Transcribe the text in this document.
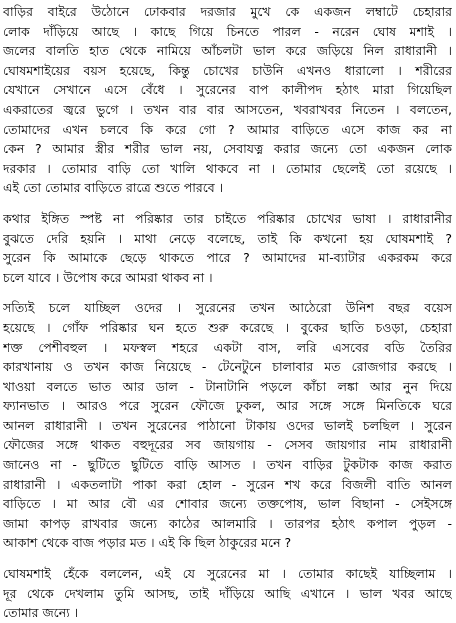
বাড়ির বাইরে উঠোনে ঢোকবার দরজার মুখে কে একজন লম্বাটে চেহারার
লোক দাঁড়িয়ে আছে । কাছে গিয়ে চিনতে পারল - নরেন ঘোষ মশাই ।
জলের বালতি হাত থেকে নামিয়ে আঁচলটা ভাল করে জড়িয়ে নিল রাধারানী ।
ঘোষমশাইয়ের বয়স হয়েছে, কিন্তু চোখের চাউনি এখনও ধারালো । শরীরের
যেখানে সেখানে এসে বেঁধে । সুরেনের বাপ কালীপদ হঠাৎ মারা গিয়েছিল
একরাতের জ্বরে ভুগে । তখন বার বার আসতেন, খবরাখবর নিতেন । বলতেন,
তোমাদের এখন চলবে কি করে গো ? আমার বাড়িতে এসে কাজ কর না
কেন ? আমার স্ত্রীর শরীর ভাল নয়, সেবাযত্ন করার জন্যে তো একজন লোক
দরকার । তোমার বাড়ি তো খালি থাকবে না । তোমার ছেলেই তো রয়েছে ।
এই তো তোমার বাড়িতে রাত্রে শুতে পারবে ।
কথার ইঙ্গিত স্পষ্ট না পরিষ্কার তার চাইতে পরিষ্কার চোখের ভাষা । রাধারানীর
বুঝতে দেরি হয়নি । মাথা নেড়ে বলেছে, তাই কি কখনো হয় ঘোষমশাই ?
সুরেন কি আমাকে ছেড়ে থাকতে পারে ? আমাদের মা-ব্যাটার একরকম করে
চলে যাবে । উপোষ করে আমরা থাকব না ।
সত্যিই চলে যাচ্ছিল ওদের । সুরেনের তখন আঠেরো উনিশ বছর বয়েস
হয়েছে । গোঁফ পরিষ্কার ঘন হতে শুরু করেছে । বুকের ছাতি চওড়া, চেহারা
শক্ত পেশীবহুল । মফস্বল শহরে একটা বাস, লরি এসবের বডি তৈরির
কারখানায় ও তখন কাজ নিয়েছে - টেনেটুনে চালাবার মত রোজগার করছে ।
খাওয়া বলতে ভাত আর ডাল - টানাটানি পড়লে কাঁচা লঙ্কা আর নুন দিয়ে
ফ্যানভাত । আরও পরে সুরেন ফৌজে ঢুকল, আর সঙ্গে সঙ্গে মিনতিকে ঘরে
আনল রাধারানী । তখন সুরেনের পাঠানো টাকায় ওদের ভালই চলছিল । সুরেন
ফৌজের সঙ্গে থাকত বহুদূরের সব জায়গায় - সেসব জায়গার নাম রাধারানী
জানেও না - ছুটিতে ছুটিতে বাড়ি আসত । তখন বাড়ির টুকটাক কাজ করাত
রাধারানী । একতলাটা পাকা করা হোল - সুরেন শখ করে বিজলী বাতি আনল
বাড়িতে । মা আর বৌ এর শোবার জন্যে তক্তপোষ, ভাল বিছানা - সেইসঙ্গে
জামা কাপড় রাখবার জন্যে কাঠের আলমারি । তারপর হঠাৎ কপাল পুড়ল -
আকাশ থেকে বাজ পড়ার মত । এই কি ছিল ঠাকুরের মনে ?
ঘোষমশাই হেঁকে বললেন, এই যে সুরেনের মা । তোমার কাছেই যাচ্ছিলাম ।
দূর থেকে দেখলাম তুমি আসছ, তাই দাঁড়িয়ে আছি এখানে । ভাল খবর আছে
তোমার জন্যে ।
